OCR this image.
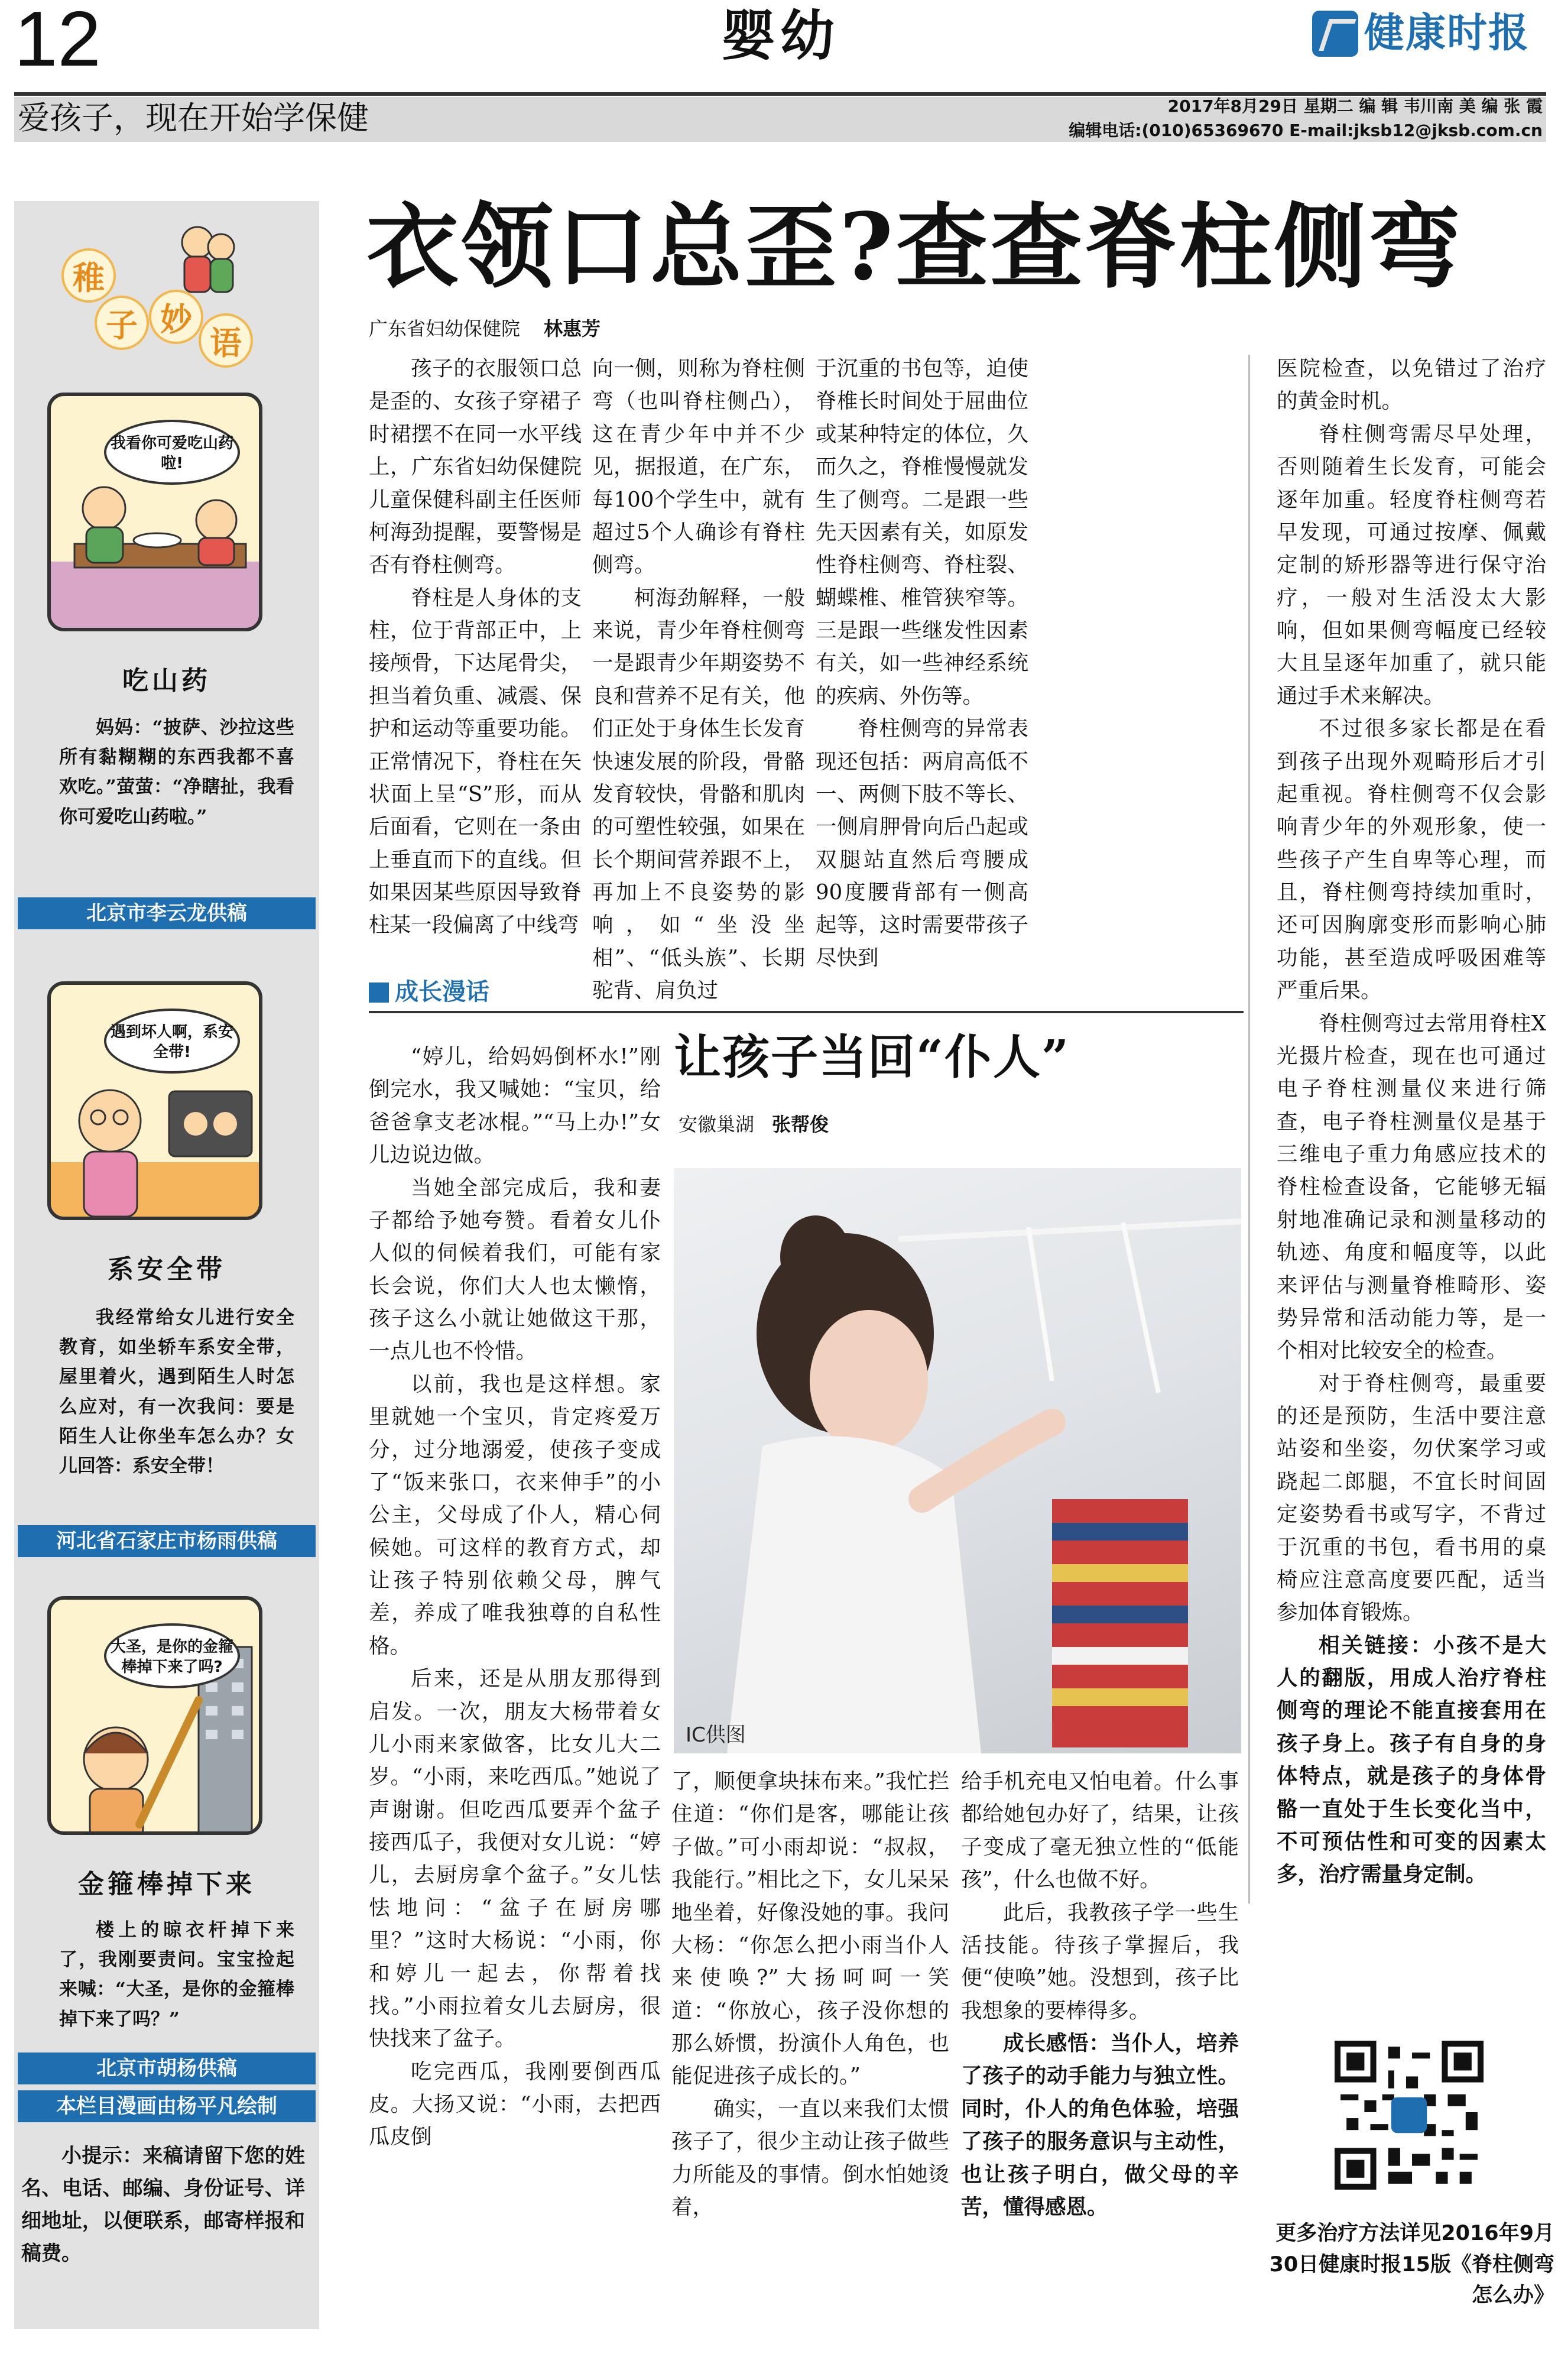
12	婴幼	健康时报
爱孩子，现在开始学保健	2017年8月29日 星期二 编 辑 韦川南 美 编 张 霞
编辑电话:(010)65369670 E-mail:jksb12@jksb.com.cn
稚
子 妙
语
我看你可爱吃山药啦!
吃山药
妈妈：“披萨、沙拉这些所有黏糊糊的东西我都不喜欢吃。”萤萤：“净瞎扯，我看你可爱吃山药啦。”
北京市李云龙供稿
遇到坏人啊，系安全带!
系安全带
我经常给女儿进行安全教育，如坐轿车系安全带，屋里着火，遇到陌生人时怎么应对，有一次我问：要是陌生人让你坐车怎么办？女儿回答：系安全带！
河北省石家庄市杨雨供稿
大圣，是你的金箍棒掉下来了吗?
金箍棒掉下来
楼上的晾衣杆掉下来了，我刚要责问。宝宝捡起来喊：“大圣，是你的金箍棒掉下来了吗？”
北京市胡杨供稿
本栏目漫画由杨平凡绘制
小提示：来稿请留下您的姓名、电话、邮编、身份证号、详细地址，以便联系，邮寄样报和稿费。
衣领口总歪?查查脊柱侧弯
广东省妇幼保健院 林惠芳

孩子的衣服领口总是歪的、女孩子穿裙子时裙摆不在同一水平线上，广东省妇幼保健院儿童保健科副主任医师柯海劲提醒，要警惕是否有脊柱侧弯。

脊柱是人身体的支柱，位于背部正中，上接颅骨，下达尾骨尖，担当着负重、减震、保护和运动等重要功能。正常情况下，脊柱在矢状面上呈“S”形，而从后面看，它则在一条由上垂直而下的直线。但如果因某些原因导致脊柱某一段偏离了中线弯

向一侧，则称为脊柱侧弯（也叫脊柱侧凸），这在青少年中并不少见，据报道，在广东，每100个学生中，就有超过5个人确诊有脊柱侧弯。

柯海劲解释，一般来说，青少年脊柱侧弯一是跟青少年期姿势不良和营养不足有关，他们正处于身体生长发育快速发展的阶段，骨骼发育较快，骨骼和肌肉的可塑性较强，如果在长个期间营养跟不上，再加上不良姿势的影响，如“坐没坐相”、“低头族”、长期驼背、肩负过

于沉重的书包等，迫使脊椎长时间处于屈曲位或某种特定的体位，久而久之，脊椎慢慢就发生了侧弯。二是跟一些先天因素有关，如原发性脊柱侧弯、脊柱裂、蝴蝶椎、椎管狭窄等。三是跟一些继发性因素有关，如一些神经系统的疾病、外伤等。

脊柱侧弯的异常表现还包括：两肩高低不一、两侧下肢不等长、一侧肩胛骨向后凸起或双腿站直然后弯腰成90度腰背部有一侧高起等，这时需要带孩子尽快到

医院检查，以免错过了治疗的黄金时机。

脊柱侧弯需尽早处理，否则随着生长发育，可能会逐年加重。轻度脊柱侧弯若早发现，可通过按摩、佩戴定制的矫形器等进行保守治疗，一般对生活没太大影响，但如果侧弯幅度已经较大且呈逐年加重了，就只能通过手术来解决。

不过很多家长都是在看到孩子出现外观畸形后才引起重视。脊柱侧弯不仅会影响青少年的外观形象，使一些孩子产生自卑等心理，而且，脊柱侧弯持续加重时，还可因胸廓变形而影响心肺功能，甚至造成呼吸困难等严重后果。

脊柱侧弯过去常用脊柱X光摄片检查，现在也可通过电子脊柱测量仪来进行筛查，电子脊柱测量仪是基于三维电子重力角感应技术的脊柱检查设备，它能够无辐射地准确记录和测量移动的轨迹、角度和幅度等，以此来评估与测量脊椎畸形、姿势异常和活动能力等，是一个相对比较安全的检查。

对于脊柱侧弯，最重要的还是预防，生活中要注意站姿和坐姿，勿伏案学习或跷起二郎腿，不宜长时间固定姿势看书或写字，不背过于沉重的书包，看书用的桌椅应注意高度要匹配，适当参加体育锻炼。

相关链接：小孩不是大人的翻版，用成人治疗脊柱侧弯的理论不能直接套用在孩子身上。孩子有自身的身体特点，就是孩子的身体骨骼一直处于生长变化当中，不可预估性和可变的因素太多，治疗需量身定制。

更多治疗方法详见2016年9月30日健康时报15版《脊柱侧弯怎么办》
成长漫话
让孩子当回“仆人”
安徽巢湖 张帮俊
IC供图

“婷儿，给妈妈倒杯水!”刚倒完水，我又喊她：“宝贝，给爸爸拿支老冰棍。”“马上办!”女儿边说边做。

当她全部完成后，我和妻子都给予她夸赞。看着女儿仆人似的伺候着我们，可能有家长会说，你们大人也太懒惰，孩子这么小就让她做这干那，一点儿也不怜惜。

以前，我也是这样想。家里就她一个宝贝，肯定疼爱万分，过分地溺爱，使孩子变成了“饭来张口，衣来伸手”的小公主，父母成了仆人，精心伺候她。可这样的教育方式，却让孩子特别依赖父母，脾气差，养成了唯我独尊的自私性格。

后来，还是从朋友那得到启发。一次，朋友大杨带着女儿小雨来家做客，比女儿大二岁。“小雨，来吃西瓜。”她说了声谢谢。但吃西瓜要弄个盆子接西瓜子，我便对女儿说：“婷儿，去厨房拿个盆子。”女儿怯怯地问：“盆子在厨房哪里？”这时大杨说：“小雨，你和婷儿一起去，你帮着找找。”小雨拉着女儿去厨房，很快找来了盆子。

吃完西瓜，我刚要倒西瓜皮。大扬又说：“小雨，去把西瓜皮倒

了，顺便拿块抹布来。”我忙拦住道：“你们是客，哪能让孩子做。”可小雨却说：“叔叔，我能行。”相比之下，女儿呆呆地坐着，好像没她的事。我问大杨：“你怎么把小雨当仆人来使唤?”大扬呵呵一笑道：“你放心，孩子没你想的那么娇惯，扮演仆人角色，也能促进孩子成长的。”

确实，一直以来我们太惯孩子了，很少主动让孩子做些力所能及的事情。倒水怕她烫着，

给手机充电又怕电着。什么事都给她包办好了，结果，让孩子变成了毫无独立性的“低能孩”，什么也做不好。

此后，我教孩子学一些生活技能。待孩子掌握后，我便“使唤”她。没想到，孩子比我想象的要棒得多。

成长感悟：当仆人，培养了孩子的动手能力与独立性。同时，仆人的角色体验，培强了孩子的服务意识与主动性，也让孩子明白，做父母的辛苦，懂得感恩。
